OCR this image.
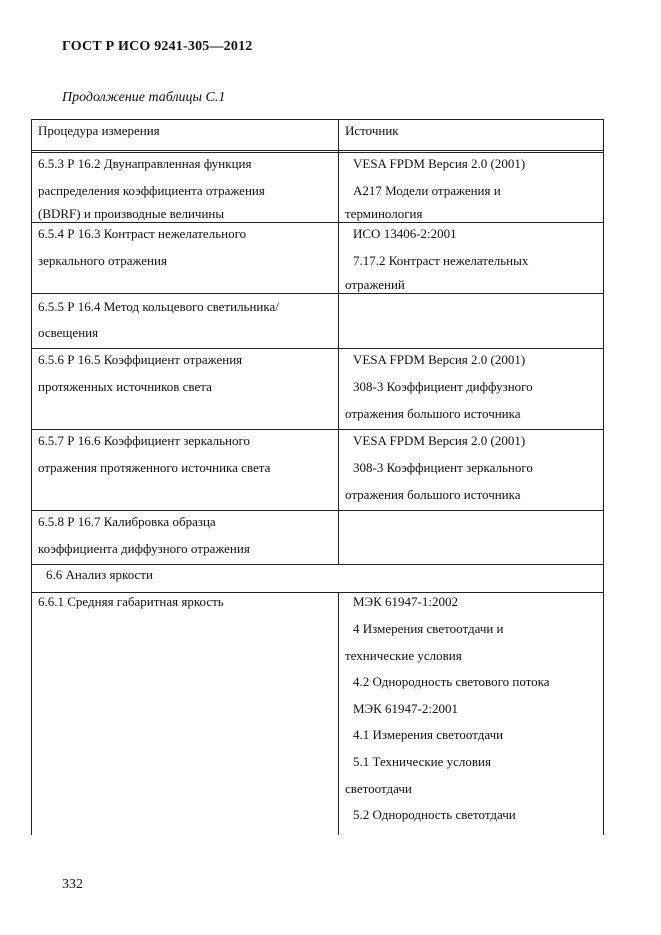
ГОСТ Р ИСО 9241-305—2012
Продолжение таблицы С.1
Процедура измерения	Источник
6.5.3 Р 16.2 Двунаправленная функция
распределения коэффициента отражения
(BDRF) и производные величины
VESA FPDM Версия 2.0 (2001)
А217 Модели отражения и
терминология
6.5.4 Р 16.3 Контраст нежелательного
зеркального отражения
ИСО 13406-2:2001
7.17.2 Контраст нежелательных
отражений
6.5.5 Р 16.4 Метод кольцевого светильника/
освещения
6.5.6 Р 16.5 Коэффициент отражения
протяженных источников света
VESA FPDM Версия 2.0 (2001)
308-3 Коэффициент диффузного
отражения большого источника
6.5.7 Р 16.6 Коэффициент зеркального
отражения протяженного источника света
VESA FPDM Версия 2.0 (2001)
308-3 Коэффициент зеркального
отражения большого источника
6.5.8 Р 16.7 Калибровка образца
коэффициента диффузного отражения
6.6 Анализ яркости
6.6.1 Средняя габаритная яркость	МЭК 61947-1:2002
4 Измерения светоотдачи и
технические условия
4.2 Однородность светового потока
МЭК 61947-2:2001
4.1 Измерения светоотдачи
5.1 Технические условия
светоотдачи
5.2 Однородность светотдачи
332
